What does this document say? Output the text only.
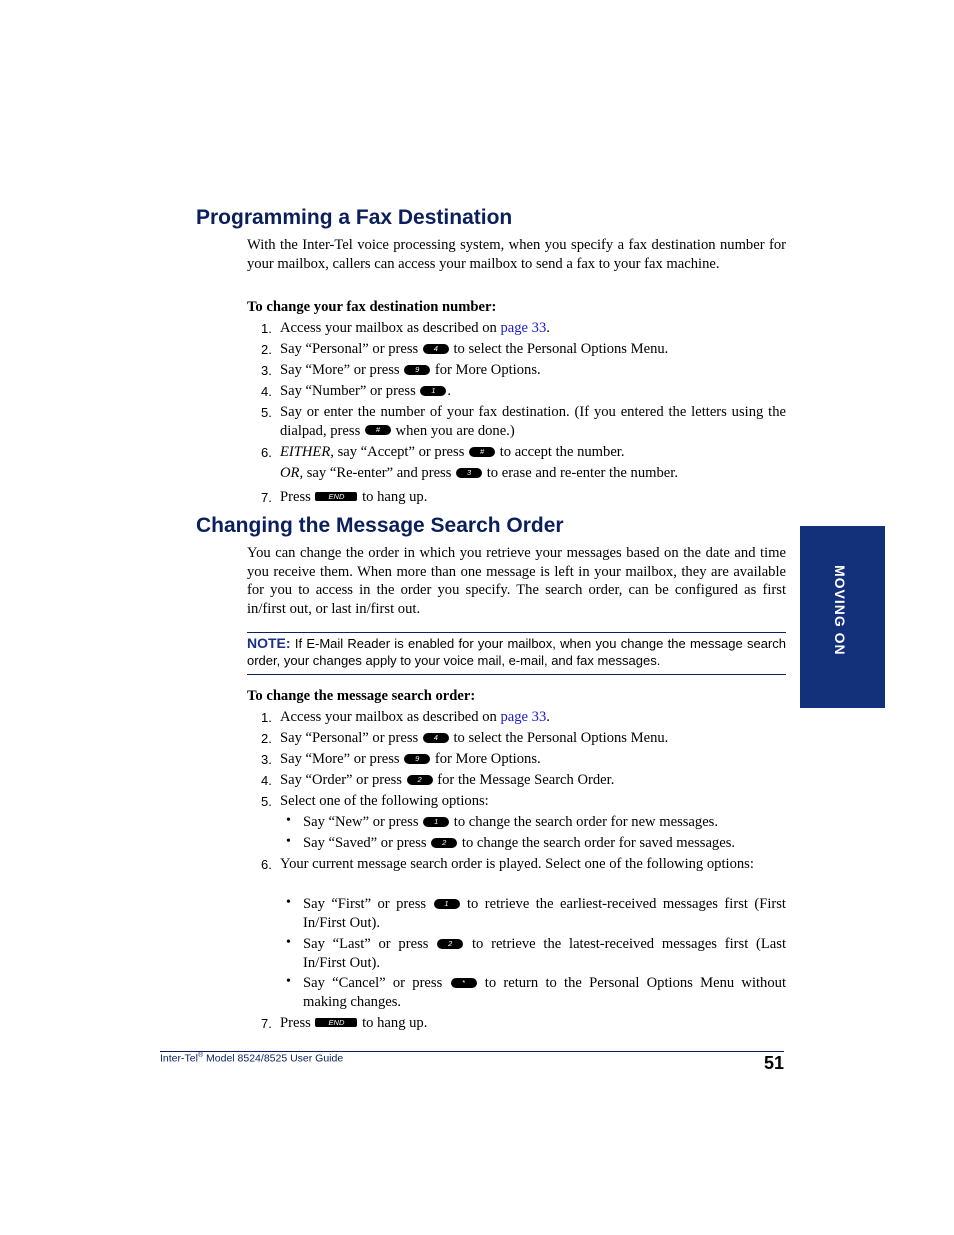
Programming a Fax Destination

With the Inter-Tel voice processing system, when you specify a fax destination number for your mailbox, callers can access your mailbox to send a fax to your fax machine.

To change your fax destination number:

1. Access your mailbox as described on page 33.
2. Say “Personal” or press 4 to select the Personal Options Menu.
3. Say “More” or press 9 for More Options.
4. Say “Number” or press 1 .
5. Say or enter the number of your fax destination. (If you entered the letters using the dialpad, press # when you are done.)
6. EITHER, say “Accept” or press # to accept the number.
OR, say “Re-enter” and press 3 to erase and re-enter the number.
7. Press END to hang up.
Changing the Message Search Order

You can change the order in which you retrieve your messages based on the date and time you receive them. When more than one message is left in your mailbox, they are available for you to access in the order you specify. The search order, can be configured as first in/first out, or last in/first out.

NOTE: If E-Mail Reader is enabled for your mailbox, when you change the message search order, your changes apply to your voice mail, e-mail, and fax messages.

To change the message search order:

1. Access your mailbox as described on page 33.
2. Say “Personal” or press 4 to select the Personal Options Menu.
3. Say “More” or press 9 for More Options.
4. Say “Order” or press 2 for the Message Search Order.
5. Select one of the following options:
• Say “New” or press 1 to change the search order for new messages.
• Say “Saved” or press 2 to change the search order for saved messages.
6. Your current message search order is played. Select one of the following options:
• Say “First” or press 1 to retrieve the earliest-received messages first (First In/First Out).
• Say “Last” or press 2 to retrieve the latest-received messages first (Last In/First Out).
• Say “Cancel” or press * to return to the Personal Options Menu without making changes.
7. Press END to hang up.
MOVING ON
Inter-Tel® Model 8524/8525 User Guide	51
